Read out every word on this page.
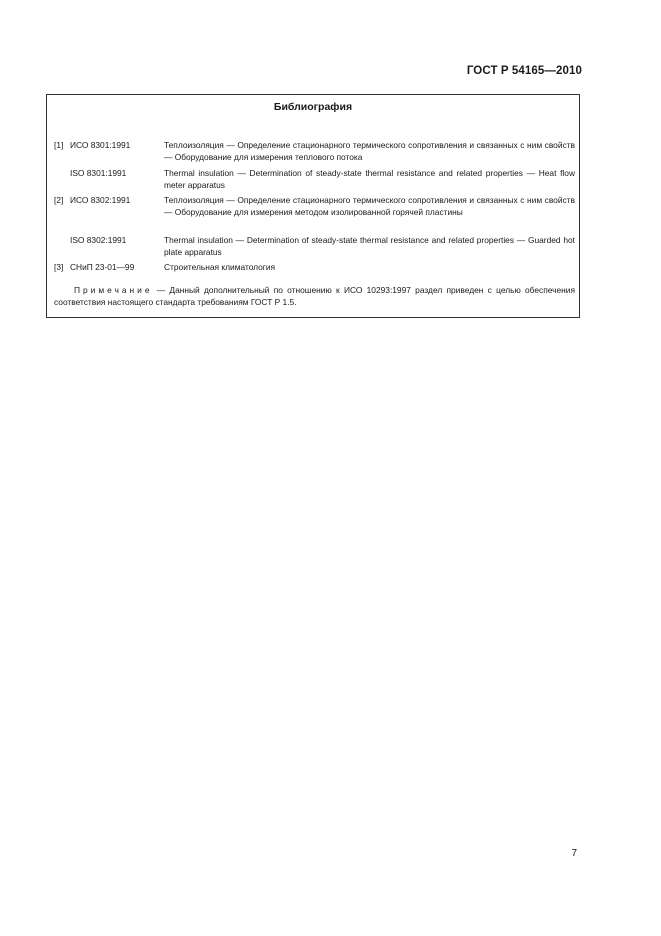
ГОСТ Р 54165—2010
Библиография
[1] ИСО 8301:1991	Теплоизоляция — Определение стационарного термического сопротивления и связанных с ним свойств — Оборудование для измерения теплового потока
ISO 8301:1991	Thermal insulation — Determination of steady-state thermal resistance and related properties — Heat flow meter apparatus
[2] ИСО 8302:1991	Теплоизоляция — Определение стационарного термического сопротивления и связанных с ним свойств — Оборудование для измерения методом изолированной горячей пластины
ISO 8302:1991	Thermal insulation — Determination of steady-state thermal resistance and related properties — Guarded hot plate apparatus
[3] СНиП 23-01—99	Строительная климатология
Примечание — Данный дополнительный по отношению к ИСО 10293:1997 раздел приведен с целью обеспечения соответствия настоящего стандарта требованиям ГОСТ Р 1.5.
7
